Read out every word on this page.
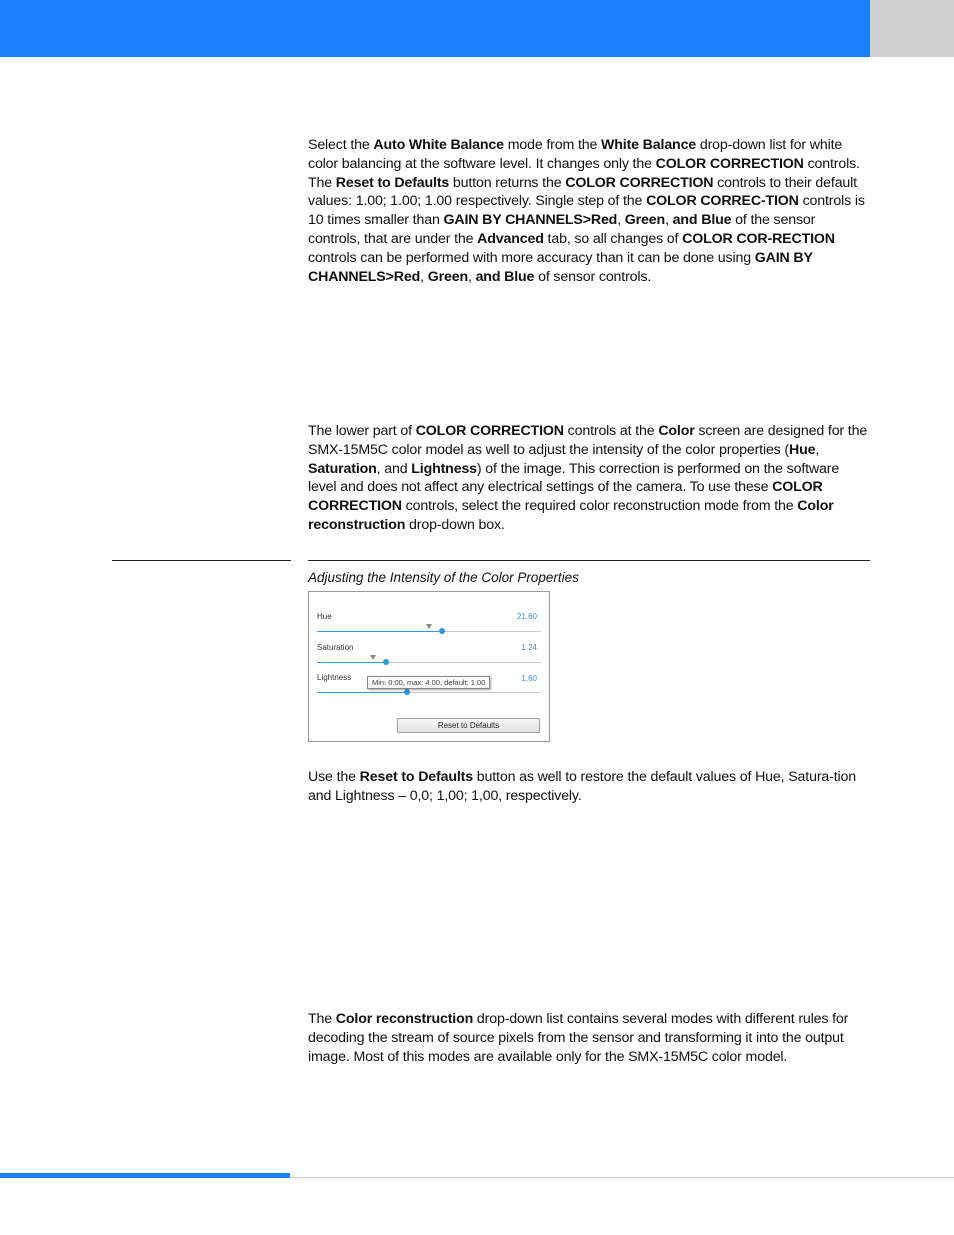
Select the Auto White Balance mode from the White Balance drop-down list for white color balancing at the software level. It changes only the COLOR CORRECTION controls. The Reset to Defaults button returns the COLOR CORRECTION controls to their default values: 1.00; 1.00; 1.00 respectively. Single step of the COLOR CORREC-TION controls is 10 times smaller than GAIN BY CHANNELS>Red, Green, and Blue of the sensor controls, that are under the Advanced tab, so all changes of COLOR COR-RECTION controls can be performed with more accuracy than it can be done using GAIN BY CHANNELS>Red, Green, and Blue of sensor controls.

The lower part of COLOR CORRECTION controls at the Color screen are designed for the SMX-15M5C color model as well to adjust the intensity of the color properties (Hue, Saturation, and Lightness) of the image. This correction is performed on the software level and does not affect any electrical settings of the camera. To use these COLOR CORRECTION controls, select the required color reconstruction mode from the Color reconstruction drop-down box.

Adjusting the Intensity of the Color Properties

Hue	21.60
Saturation	1.24
Lightness	1.60
Min: 0.00, max: 4.00, default: 1.00
Reset to Defaults

Use the Reset to Defaults button as well to restore the default values of Hue, Satura-tion and Lightness – 0,0; 1,00; 1,00, respectively.

The Color reconstruction drop-down list contains several modes with different rules for decoding the stream of source pixels from the sensor and transforming it into the output image. Most of this modes are available only for the SMX-15M5C color model.
